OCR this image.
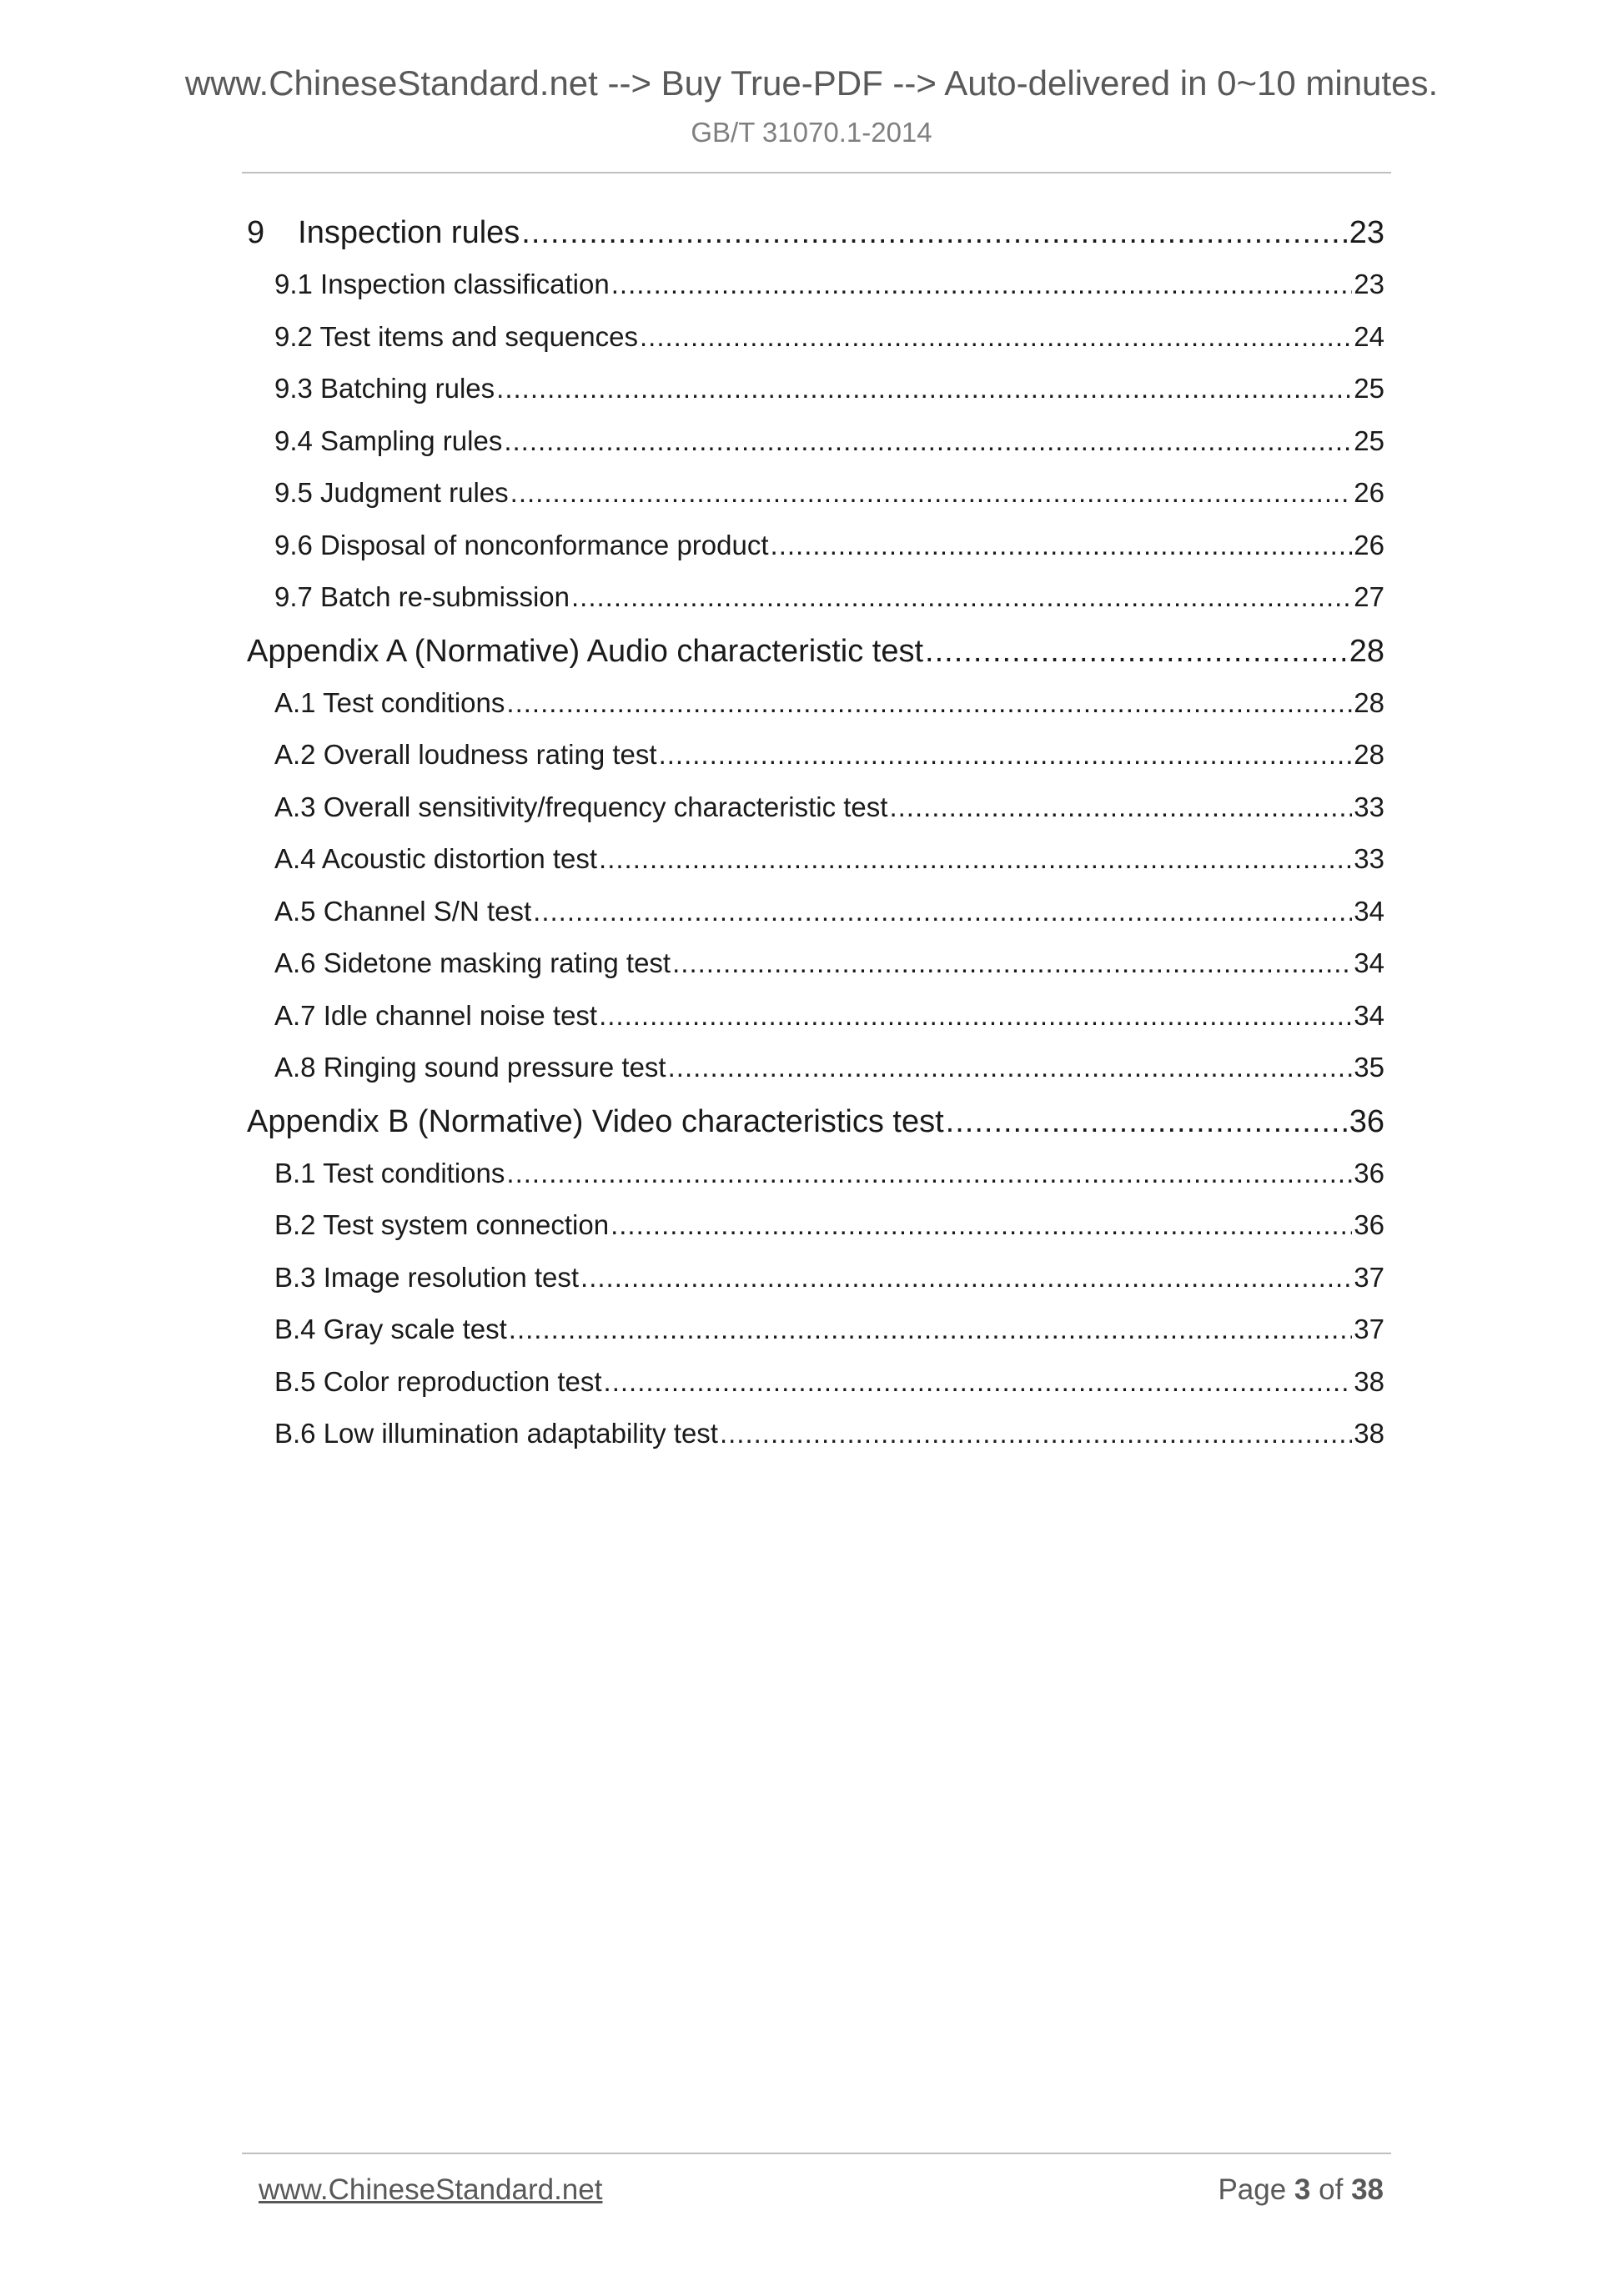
www.ChineseStandard.net --> Buy True-PDF --> Auto-delivered in 0~10 minutes.
GB/T 31070.1-2014
9 Inspection rules .....	23
9.1 Inspection classification .....	23
9.2 Test items and sequences .....	24
9.3 Batching rules .....	25
9.4 Sampling rules .....	25
9.5 Judgment rules .....	26
9.6 Disposal of nonconformance product .....	26
9.7 Batch re-submission .....	27
Appendix A (Normative) Audio characteristic test .....	28
A.1 Test conditions .....	28
A.2 Overall loudness rating test .....	28
A.3 Overall sensitivity/frequency characteristic test .....	33
A.4 Acoustic distortion test .....	33
A.5 Channel S/N test .....	34
A.6 Sidetone masking rating test .....	34
A.7 Idle channel noise test .....	34
A.8 Ringing sound pressure test .....	35
Appendix B (Normative) Video characteristics test .....	36
B.1 Test conditions .....	36
B.2 Test system connection .....	36
B.3 Image resolution test .....	37
B.4 Gray scale test .....	37
B.5 Color reproduction test .....	38
B.6 Low illumination adaptability test .....	38
www.ChineseStandard.net	Page 3 of 38
